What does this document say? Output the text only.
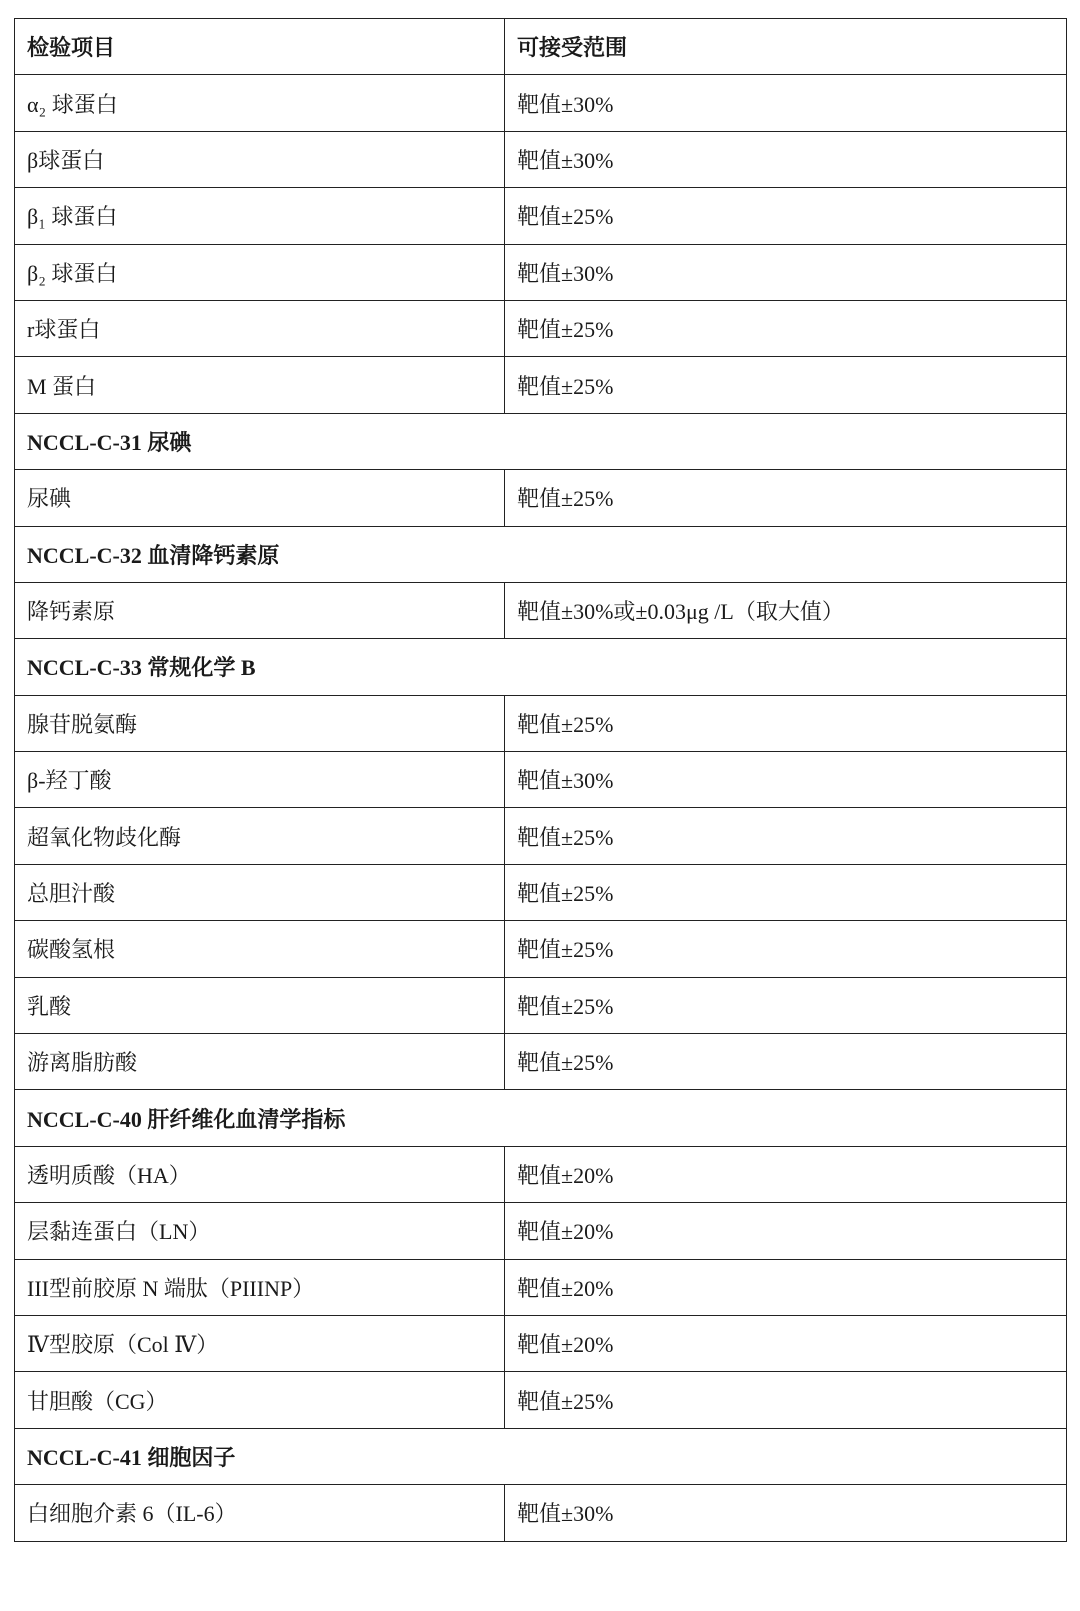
检验项目	可接受范围
α₂ 球蛋白	靶值±30%
β球蛋白	靶值±30%
β₁ 球蛋白	靶值±25%
β₂ 球蛋白	靶值±30%
r球蛋白	靶值±25%
M 蛋白	靶值±25%
NCCL-C-31 尿碘	
尿碘	靶值±25%
NCCL-C-32 血清降钙素原	
降钙素原	靶值±30%或±0.03μg /L（取大值）
NCCL-C-33 常规化学 B	
腺苷脱氨酶	靶值±25%
β-羟丁酸	靶值±30%
超氧化物歧化酶	靶值±25%
总胆汁酸	靶值±25%
碳酸氢根	靶值±25%
乳酸	靶值±25%
游离脂肪酸	靶值±25%
NCCL-C-40 肝纤维化血清学指标	
透明质酸（HA）	靶值±20%
层黏连蛋白（LN）	靶值±20%
III型前胶原 N 端肽（PIIINP）	靶值±20%
Ⅳ型胶原（Col Ⅳ）	靶值±20%
甘胆酸（CG）	靶值±25%
NCCL-C-41 细胞因子	
白细胞介素 6（IL-6）	靶值±30%
